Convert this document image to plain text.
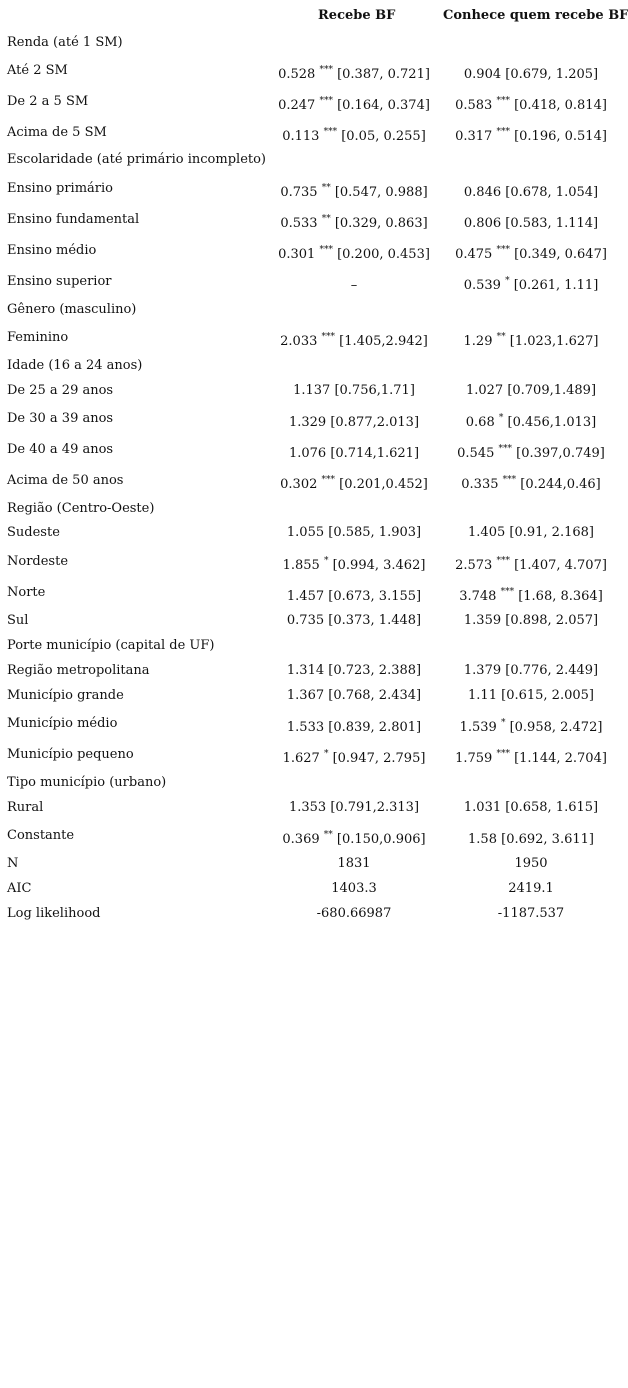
Recebe BF	Conhece quem recebe BF
Renda (até 1 SM)
Até 2 SM	0.528 *** [0.387, 0.721]	0.904 [0.679, 1.205]
De 2 a 5 SM	0.247 *** [0.164, 0.374]	0.583 *** [0.418, 0.814]
Acima de 5 SM	0.113 *** [0.05, 0.255]	0.317 *** [0.196, 0.514]
Escolaridade (até primário incompleto)
Ensino primário	0.735 ** [0.547, 0.988]	0.846 [0.678, 1.054]
Ensino fundamental	0.533 ** [0.329, 0.863]	0.806 [0.583, 1.114]
Ensino médio	0.301 *** [0.200, 0.453]	0.475 *** [0.349, 0.647]
Ensino superior	–	0.539 * [0.261, 1.11]
Gênero (masculino)
Feminino	2.033 *** [1.405,2.942]	1.29 ** [1.023,1.627]
Idade (16 a 24 anos)
De 25 a 29 anos	1.137 [0.756,1.71]	1.027 [0.709,1.489]
De 30 a 39 anos	1.329 [0.877,2.013]	0.68 * [0.456,1.013]
De 40 a 49 anos	1.076 [0.714,1.621]	0.545 *** [0.397,0.749]
Acima de 50 anos	0.302 *** [0.201,0.452]	0.335 *** [0.244,0.46]
Região (Centro-Oeste)
Sudeste	1.055 [0.585, 1.903]	1.405 [0.91, 2.168]
Nordeste	1.855 * [0.994, 3.462]	2.573 *** [1.407, 4.707]
Norte	1.457 [0.673, 3.155]	3.748 *** [1.68, 8.364]
Sul	0.735 [0.373, 1.448]	1.359 [0.898, 2.057]
Porte município (capital de UF)
Região metropolitana	1.314 [0.723, 2.388]	1.379 [0.776, 2.449]
Município grande	1.367 [0.768, 2.434]	1.11 [0.615, 2.005]
Município médio	1.533 [0.839, 2.801]	1.539 * [0.958, 2.472]
Município pequeno	1.627 * [0.947, 2.795]	1.759 *** [1.144, 2.704]
Tipo município (urbano)
Rural	1.353 [0.791,2.313]	1.031 [0.658, 1.615]
Constante	0.369 ** [0.150,0.906]	1.58 [0.692, 3.611]
N	1831	1950
AIC	1403.3	2419.1
Log likelihood	-680.66987	-1187.537
